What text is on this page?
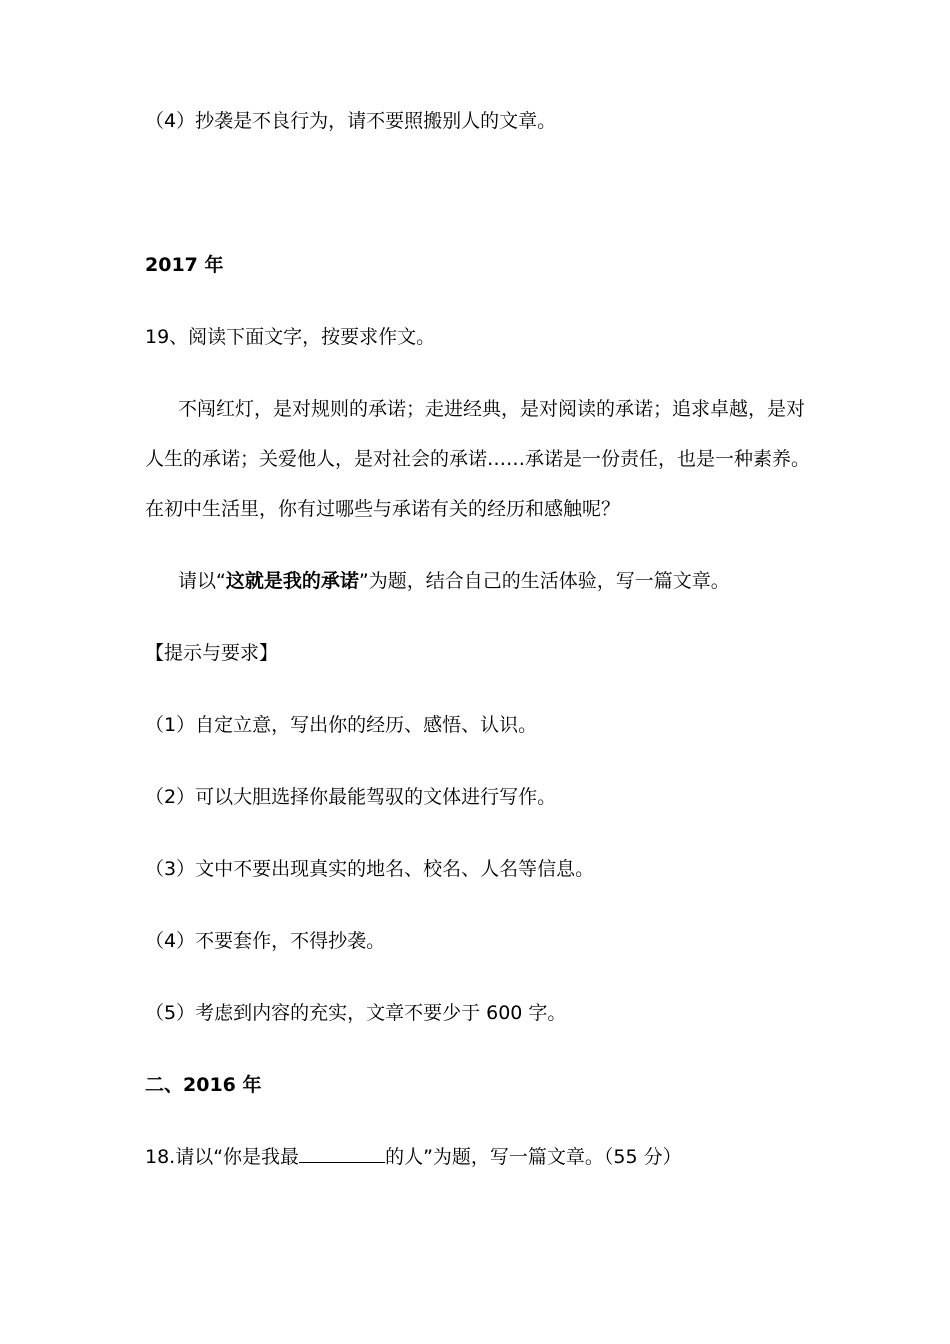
（4）抄袭是不良行为，请不要照搬别人的文章。
2017 年
19、阅读下面文字，按要求作文。
不闯红灯，是对规则的承诺；走进经典，是对阅读的承诺；追求卓越，是对
人生的承诺；关爱他人，是对社会的承诺……承诺是一份责任，也是一种素养。
在初中生活里，你有过哪些与承诺有关的经历和感触呢？
请以“这就是我的承诺”为题，结合自己的生活体验，写一篇文章。
【提示与要求】
（1）自定立意，写出你的经历、感悟、认识。
（2）可以大胆选择你最能驾驭的文体进行写作。
（3）文中不要出现真实的地名、校名、人名等信息。
（4）不要套作，不得抄袭。
（5）考虑到内容的充实，文章不要少于 600 字。
二、2016 年
18.请以“你是我最	的人”为题，写一篇文章。（55 分）
